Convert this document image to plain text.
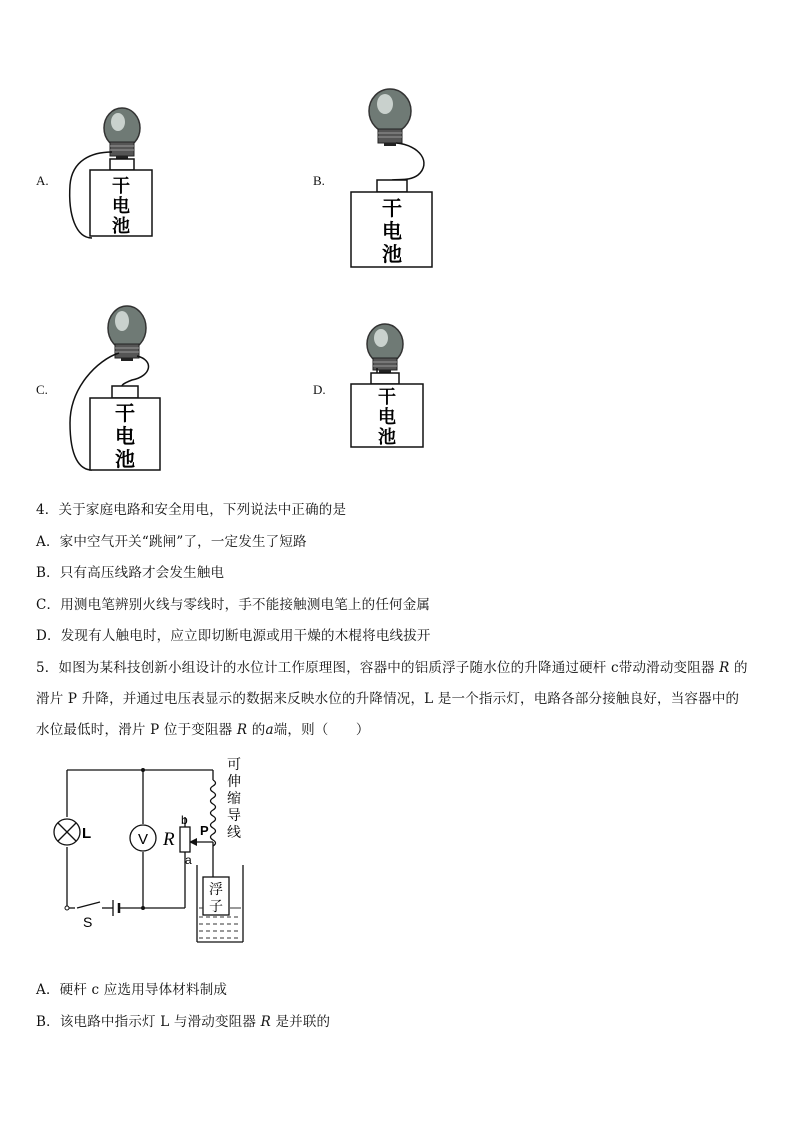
A.	干
电
池
B.
干
电
池
C.
干
电
池
D.	干
电
池
4．关于家庭电路和安全用电，下列说法中正确的是
A．家中空气开关“跳闸”了，一定发生了短路
B．只有高压线路才会发生触电
C．用测电笔辨别火线与零线时，手不能接触测电笔上的任何金属
D．发现有人触电时，应立即切断电源或用干燥的木棍将电线拔开
5．如图为某科技创新小组设计的水位计工作原理图，容器中的铝质浮子随水位的升降通过硬杆 c带动滑动变阻器 R 的
滑片 P 升降，并通过电压表显示的数据来反映水位的升降情况，L 是一个指示灯，电路各部分接触良好，当容器中的
水位最低时，滑片 P 位于变阻器 R 的a端，则（　　）
L	V R
b
a
P
S
可
伸
缩
导
线
浮
子
A．硬杆 c 应选用导体材料制成
B．该电路中指示灯 L 与滑动变阻器 R 是并联的
